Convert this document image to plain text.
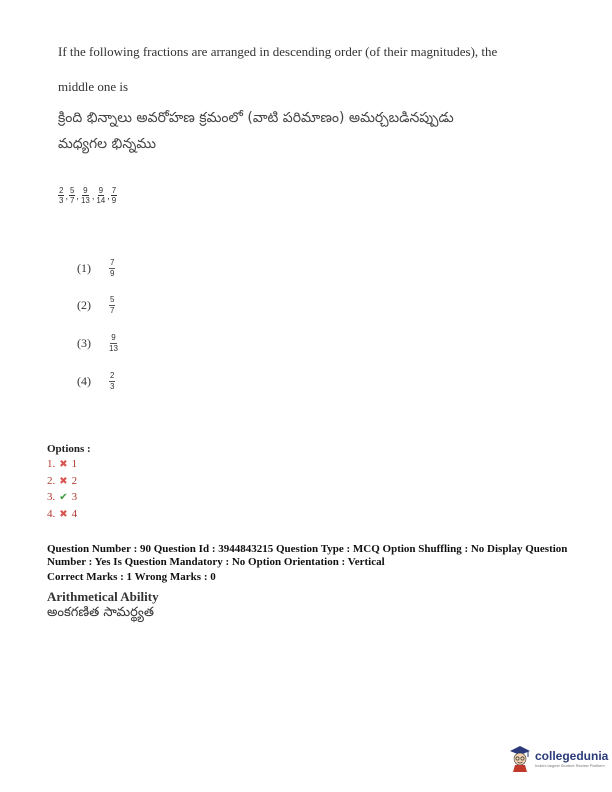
If the following fractions are arranged in descending order (of their magnitudes), the
middle one is
క్రింది భిన్నాలు అవరోహణ క్రమంలో (వాటి పరిమాణం) అమర్చబడినప్పుడు
మధ్యగల భిన్నము
$\frac{2}{3}$ , $\frac{5}{7}$ , $\frac{9}{13}$ , $\frac{9}{14}$ , $\frac{7}{9}$
(1)	$\frac{7}{9}$
(2)	$\frac{5}{7}$
(3)	$\frac{9}{13}$
(4)	$\frac{2}{3}$
Options :
1. ✖ 1
2. ✖ 2
3. ✔ 3
4. ✖ 4
Question Number : 90 Question Id : 3944843215 Question Type : MCQ Option Shuffling : No Display Question
Number : Yes Is Question Mandatory : No Option Orientation : Vertical
Correct Marks : 1 Wrong Marks : 0
Arithmetical Ability
అంకగణిత సామర్థ్యత
collegedunia
India's largest Student Review Platform
